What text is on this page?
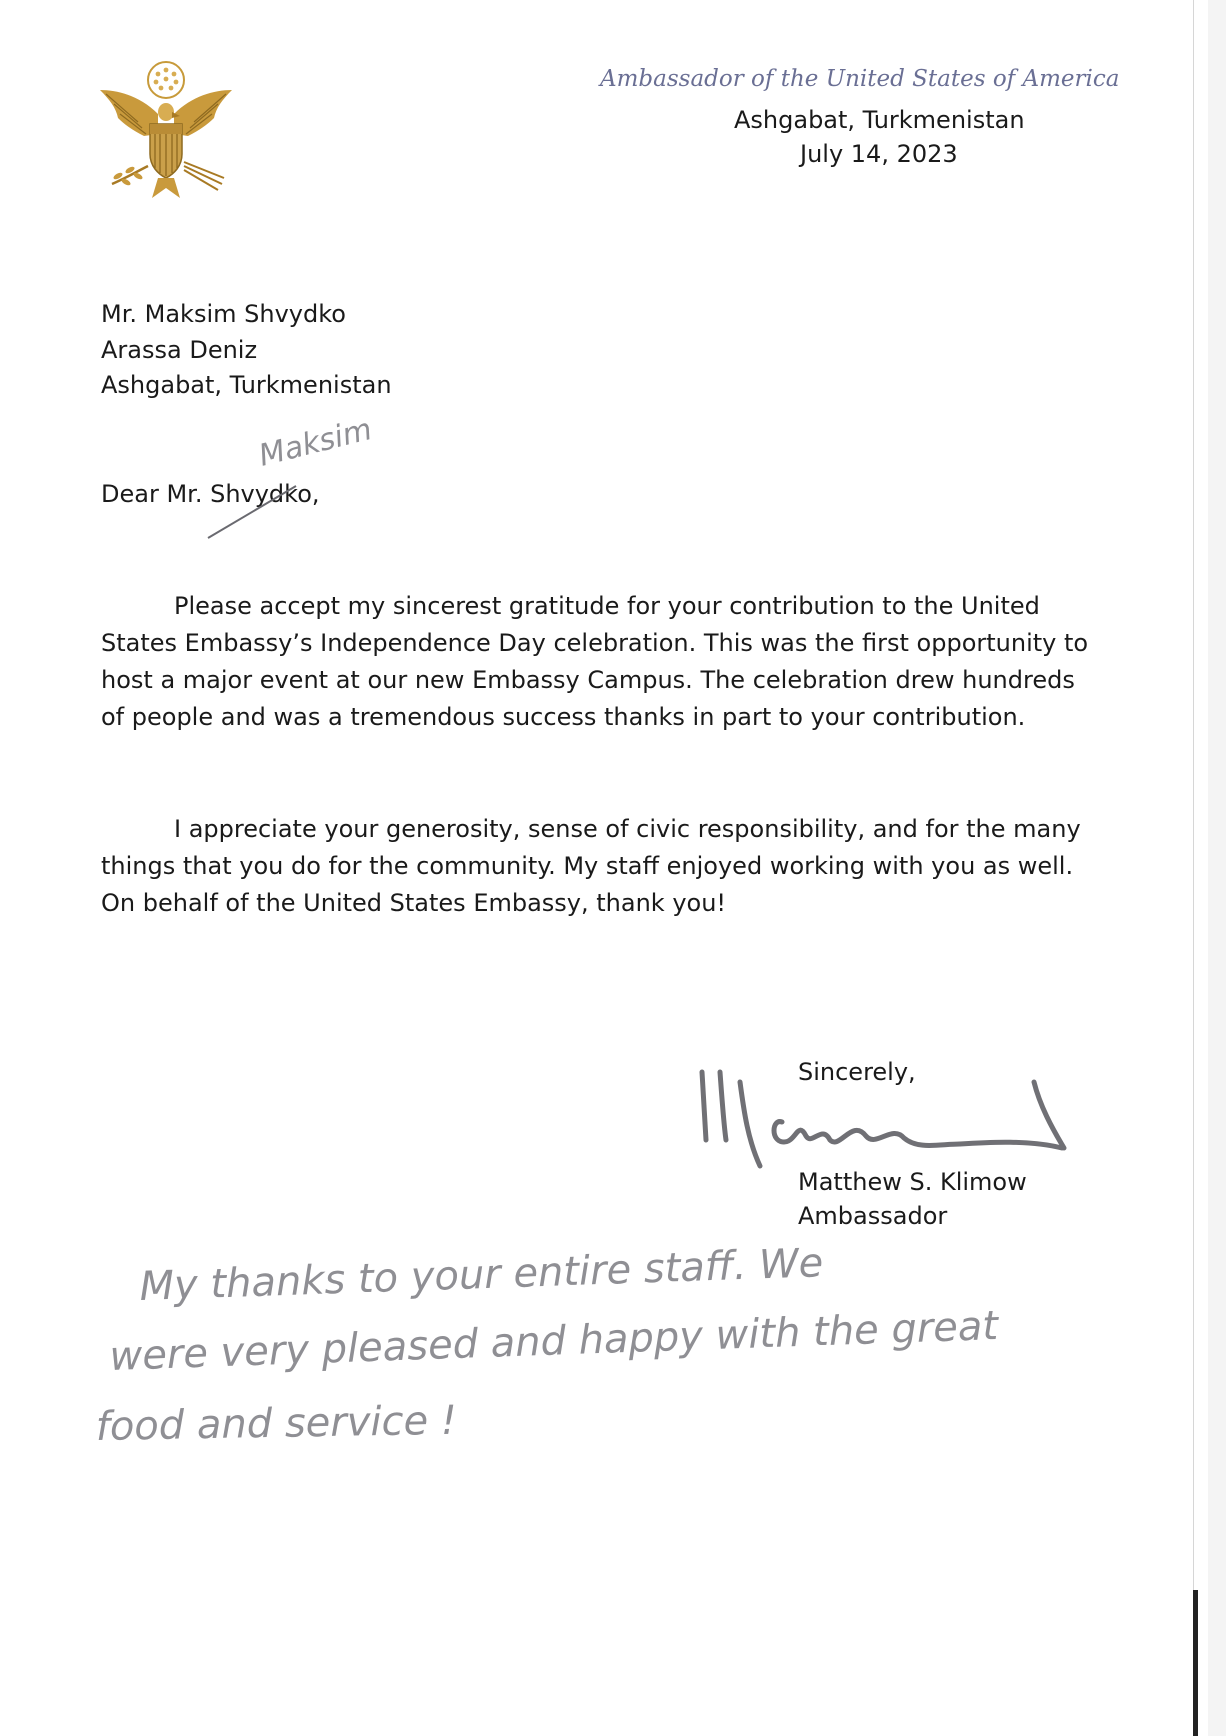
Ambassador of the United States of America
Ashgabat, Turkmenistan
July 14, 2023
Mr. Maksim Shvydko
Arassa Deniz
Ashgabat, Turkmenistan
Dear Mr. Shvydko,

Please accept my sincerest gratitude for your contribution to the United
States Embassy’s Independence Day celebration. This was the first opportunity to
host a major event at our new Embassy Campus. The celebration drew hundreds
of people and was a tremendous success thanks in part to your contribution.

I appreciate your generosity, sense of civic responsibility, and for the many
things that you do for the community. My staff enjoyed working with you as well.
On behalf of the United States Embassy, thank you!

Sincerely,
Matthew S. Klimow
Ambassador
Maksim
My thanks to your entire staff. We
were very pleased and happy with the great
food and service !
